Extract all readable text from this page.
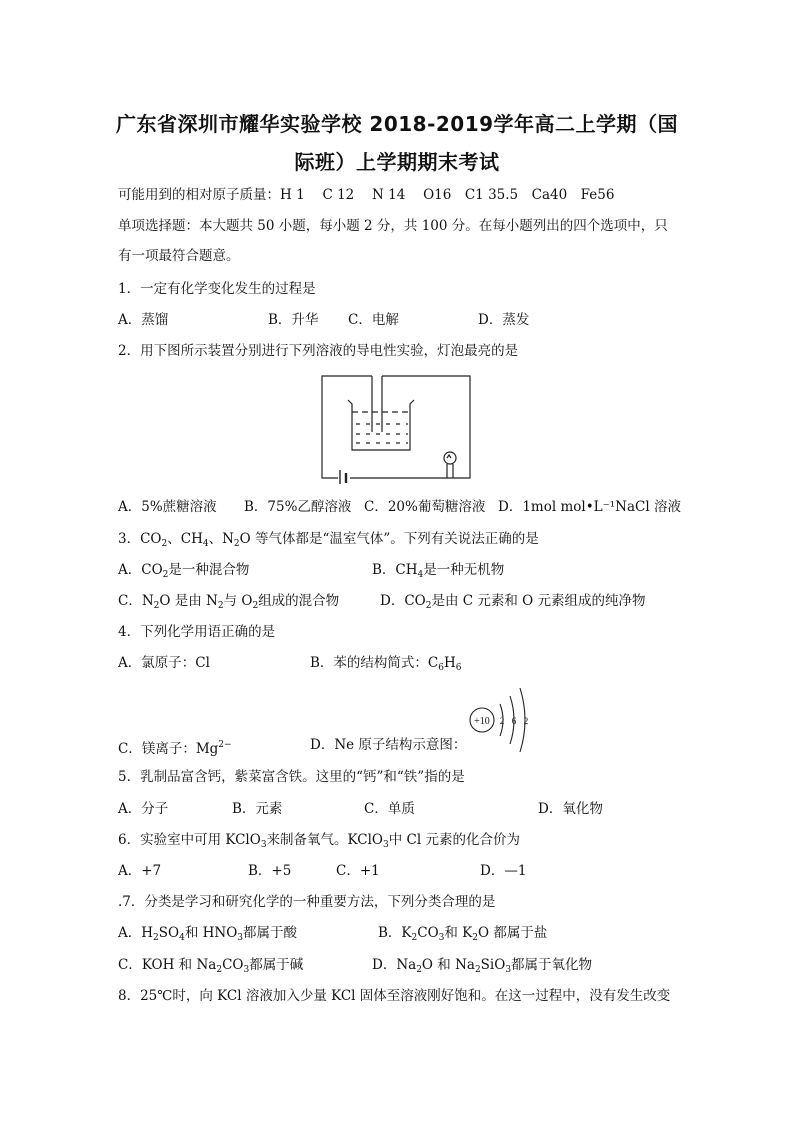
广东省深圳市耀华实验学校 2018-2019学年高二上学期（国
际班）上学期期末考试
可能用到的相对原子质量：H 1　 C 12　 N 14　 O16　C1 35.5　Ca40　Fe56
单项选择题：本大题共 50 小题，每小题 2 分，共 100 分。在每小题列出的四个选项中，只
有一项最符合题意。
1．一定有化学变化发生的过程是
A．蒸馏	B．升华 C．电解	D．蒸发
2．用下图所示装置分别进行下列溶液的导电性实验，灯泡最亮的是
A．5%蔗糖溶液 B．75%乙醇溶液 C．20%葡萄糖溶液 D．1mol mol•L⁻¹NaCl 溶液
3．$CO_2$、$CH_4$、$N_2O$ 等气体都是“温室气体”。下列有关说法正确的是
A．$CO_2$是一种混合物	B．$CH_4$是一种无机物
C．$N_2O$ 是由 $N_2$与 $O_2$组成的混合物	D．$CO_2$是由 C 元素和 O 元素组成的纯净物
4．下列化学用语正确的是
A．氯原子：Cl	B．苯的结构简式：$C_6H_6$
+10 2 6 2
C．镁离子：$Mg^{2-}$	D．Ne 原子结构示意图：
5．乳制品富含钙，紫菜富含铁。这里的“钙”和“铁”指的是
A．分子	B．元素	C．单质	D．氧化物
6．实验室中可用 KClO$_3$来制备氧气。KClO$_3$中 Cl 元素的化合价为
A．+7	B．+5	C．+1	D．—1
.7．分类是学习和研究化学的一种重要方法，下列分类合理的是
A．$H_2SO_4$和 $HNO_3$都属于酸	B．$K_2CO_3$和 $K_2O$ 都属于盐
C．KOH 和 $Na_2CO_3$都属于碱	D．$Na_2O$ 和 $Na_2SiO_3$都属于氧化物
8．25℃时，向 KCl 溶液加入少量 KCl 固体至溶液刚好饱和。在这一过程中，没有发生改变
